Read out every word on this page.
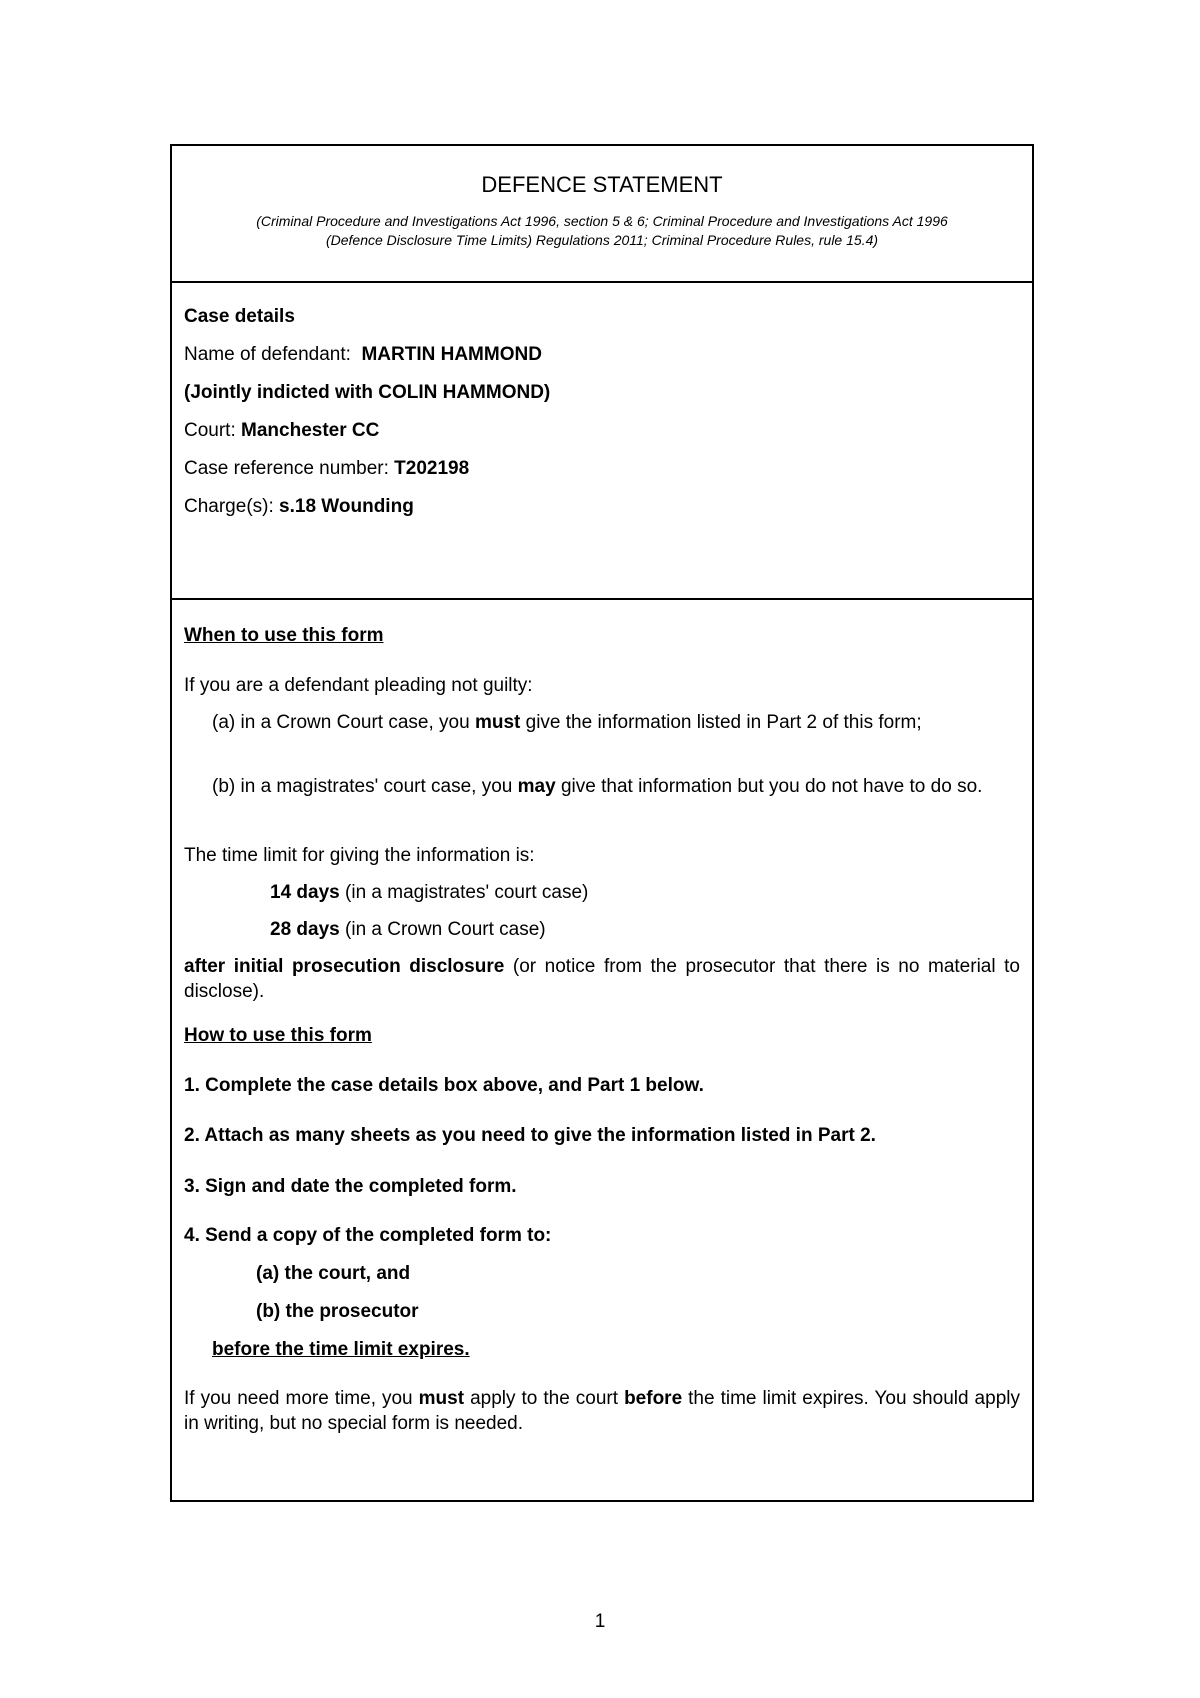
DEFENCE STATEMENT
(Criminal Procedure and Investigations Act 1996, section 5 & 6; Criminal Procedure and Investigations Act 1996
(Defence Disclosure Time Limits) Regulations 2011; Criminal Procedure Rules, rule 15.4)
Case details
Name of defendant: MARTIN HAMMOND
(Jointly indicted with COLIN HAMMOND)
Court: Manchester CC
Case reference number: T202198
Charge(s): s.18 Wounding
When to use this form
If you are a defendant pleading not guilty:
(a) in a Crown Court case, you must give the information listed in Part 2 of this form;
(b) in a magistrates' court case, you may give that information but you do not have to do so.
The time limit for giving the information is:
14 days (in a magistrates' court case)
28 days (in a Crown Court case)
after initial prosecution disclosure (or notice from the prosecutor that there is no material to disclose).
How to use this form
1. Complete the case details box above, and Part 1 below.
2. Attach as many sheets as you need to give the information listed in Part 2.
3. Sign and date the completed form.
4. Send a copy of the completed form to:
(a) the court, and
(b) the prosecutor
before the time limit expires.
If you need more time, you must apply to the court before the time limit expires. You should apply in writing, but no special form is needed.
1
